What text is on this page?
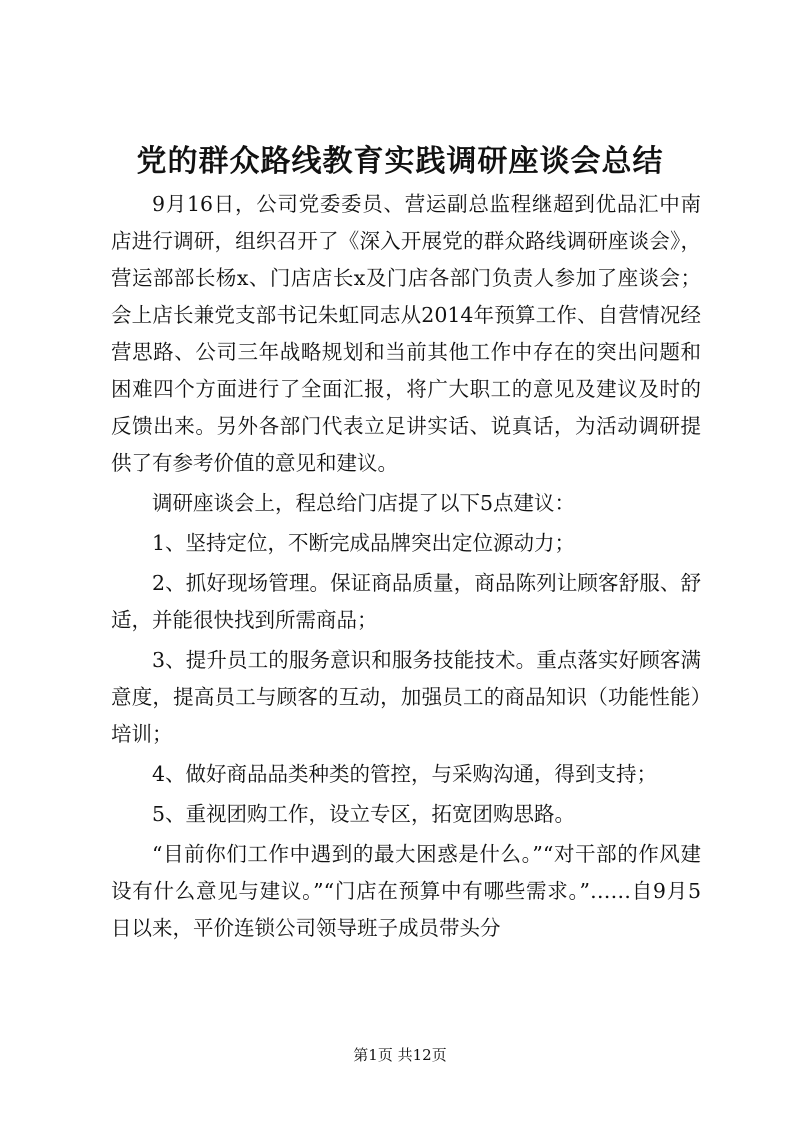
党的群众路线教育实践调研座谈会总结

9月16日，公司党委委员、营运副总监程继超到优品汇中南店进行调研，组织召开了《深入开展党的群众路线调研座谈会》，营运部部长杨x、门店店长x及门店各部门负责人参加了座谈会；会上店长兼党支部书记朱虹同志从2014年预算工作、自营情况经营思路、公司三年战略规划和当前其他工作中存在的突出问题和困难四个方面进行了全面汇报，将广大职工的意见及建议及时的反馈出来。另外各部门代表立足讲实话、说真话，为活动调研提供了有参考价值的意见和建议。

调研座谈会上，程总给门店提了以下5点建议：

1、坚持定位，不断完成品牌突出定位源动力；

2、抓好现场管理。保证商品质量，商品陈列让顾客舒服、舒适，并能很快找到所需商品；

3、提升员工的服务意识和服务技能技术。重点落实好顾客满意度，提高员工与顾客的互动，加强员工的商品知识（功能性能）培训；

4、做好商品品类种类的管控，与采购沟通，得到支持；

5、重视团购工作，设立专区，拓宽团购思路。

“目前你们工作中遇到的最大困惑是什么。”“对干部的作风建设有什么意见与建议。”“门店在预算中有哪些需求。”……自9月5日以来，平价连锁公司领导班子成员带头分

第1页 共12页
